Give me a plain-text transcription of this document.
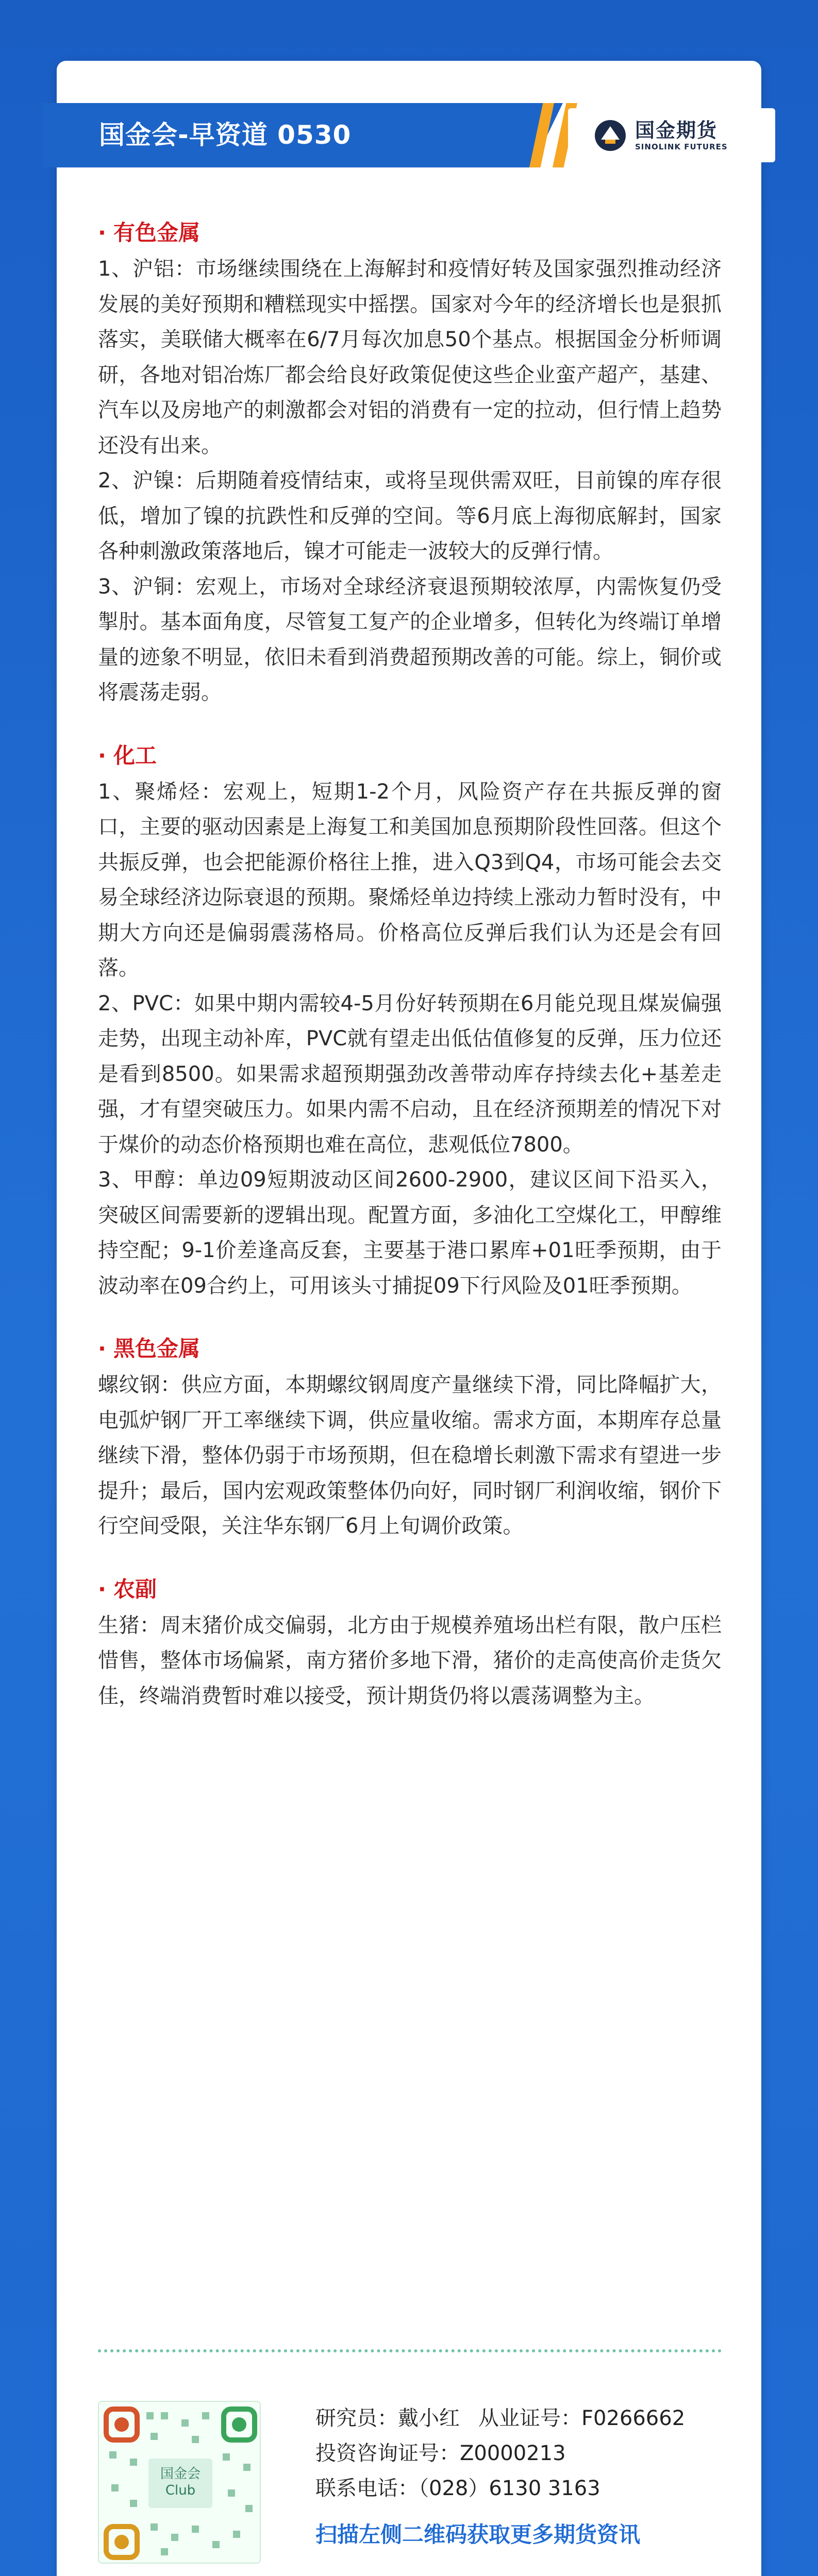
国金会-早资道 0530	国金期货
SINOLINK FUTURES
· 有色金属

1、沪铝：市场继续围绕在上海解封和疫情好转及国家强烈推动经济发展的美好预期和糟糕现实中摇摆。国家对今年的经济增长也是狠抓落实，美联储大概率在6/7月每次加息50个基点。根据国金分析师调研，各地对铝冶炼厂都会给良好政策促使这些企业蛮产超产，基建、汽车以及房地产的刺激都会对铝的消费有一定的拉动，但行情上趋势还没有出来。

2、沪镍：后期随着疫情结束，或将呈现供需双旺，目前镍的库存很低，增加了镍的抗跌性和反弹的空间。等6月底上海彻底解封，国家各种刺激政策落地后，镍才可能走一波较大的反弹行情。

3、沪铜：宏观上，市场对全球经济衰退预期较浓厚，内需恢复仍受掣肘。基本面角度，尽管复工复产的企业增多，但转化为终端订单增量的迹象不明显，依旧未看到消费超预期改善的可能。综上，铜价或将震荡走弱。

· 化工

1、聚烯烃：宏观上，短期1-2个月，风险资产存在共振反弹的窗口，主要的驱动因素是上海复工和美国加息预期阶段性回落。但这个共振反弹，也会把能源价格往上推，进入Q3到Q4，市场可能会去交易全球经济边际衰退的预期。聚烯烃单边持续上涨动力暂时没有，中期大方向还是偏弱震荡格局。价格高位反弹后我们认为还是会有回落。

2、PVC：如果中期内需较4-5月份好转预期在6月能兑现且煤炭偏强走势，出现主动补库，PVC就有望走出低估值修复的反弹，压力位还是看到8500。如果需求超预期强劲改善带动库存持续去化+基差走强，才有望突破压力。如果内需不启动，且在经济预期差的情况下对于煤价的动态价格预期也难在高位，悲观低位7800。

3、甲醇：单边09短期波动区间2600-2900，建议区间下沿买入，突破区间需要新的逻辑出现。配置方面，多油化工空煤化工，甲醇维持空配；9-1价差逢高反套，主要基于港口累库+01旺季预期，由于波动率在09合约上，可用该头寸捕捉09下行风险及01旺季预期。

· 黑色金属

螺纹钢：供应方面，本期螺纹钢周度产量继续下滑，同比降幅扩大，电弧炉钢厂开工率继续下调，供应量收缩。需求方面，本期库存总量继续下滑，整体仍弱于市场预期，但在稳增长刺激下需求有望进一步提升；最后，国内宏观政策整体仍向好，同时钢厂利润收缩，钢价下行空间受限，关注华东钢厂6月上旬调价政策。

· 农副

生猪：周末猪价成交偏弱，北方由于规模养殖场出栏有限，散户压栏惜售，整体市场偏紧，南方猪价多地下滑，猪价的走高使高价走货欠佳，终端消费暂时难以接受，预计期货仍将以震荡调整为主。

国金会 Club
研究员：戴小红 从业证号：F0266662
投资咨询证号：Z0000213
联系电话：（028）6130 3163
扫描左侧二维码获取更多期货资讯
